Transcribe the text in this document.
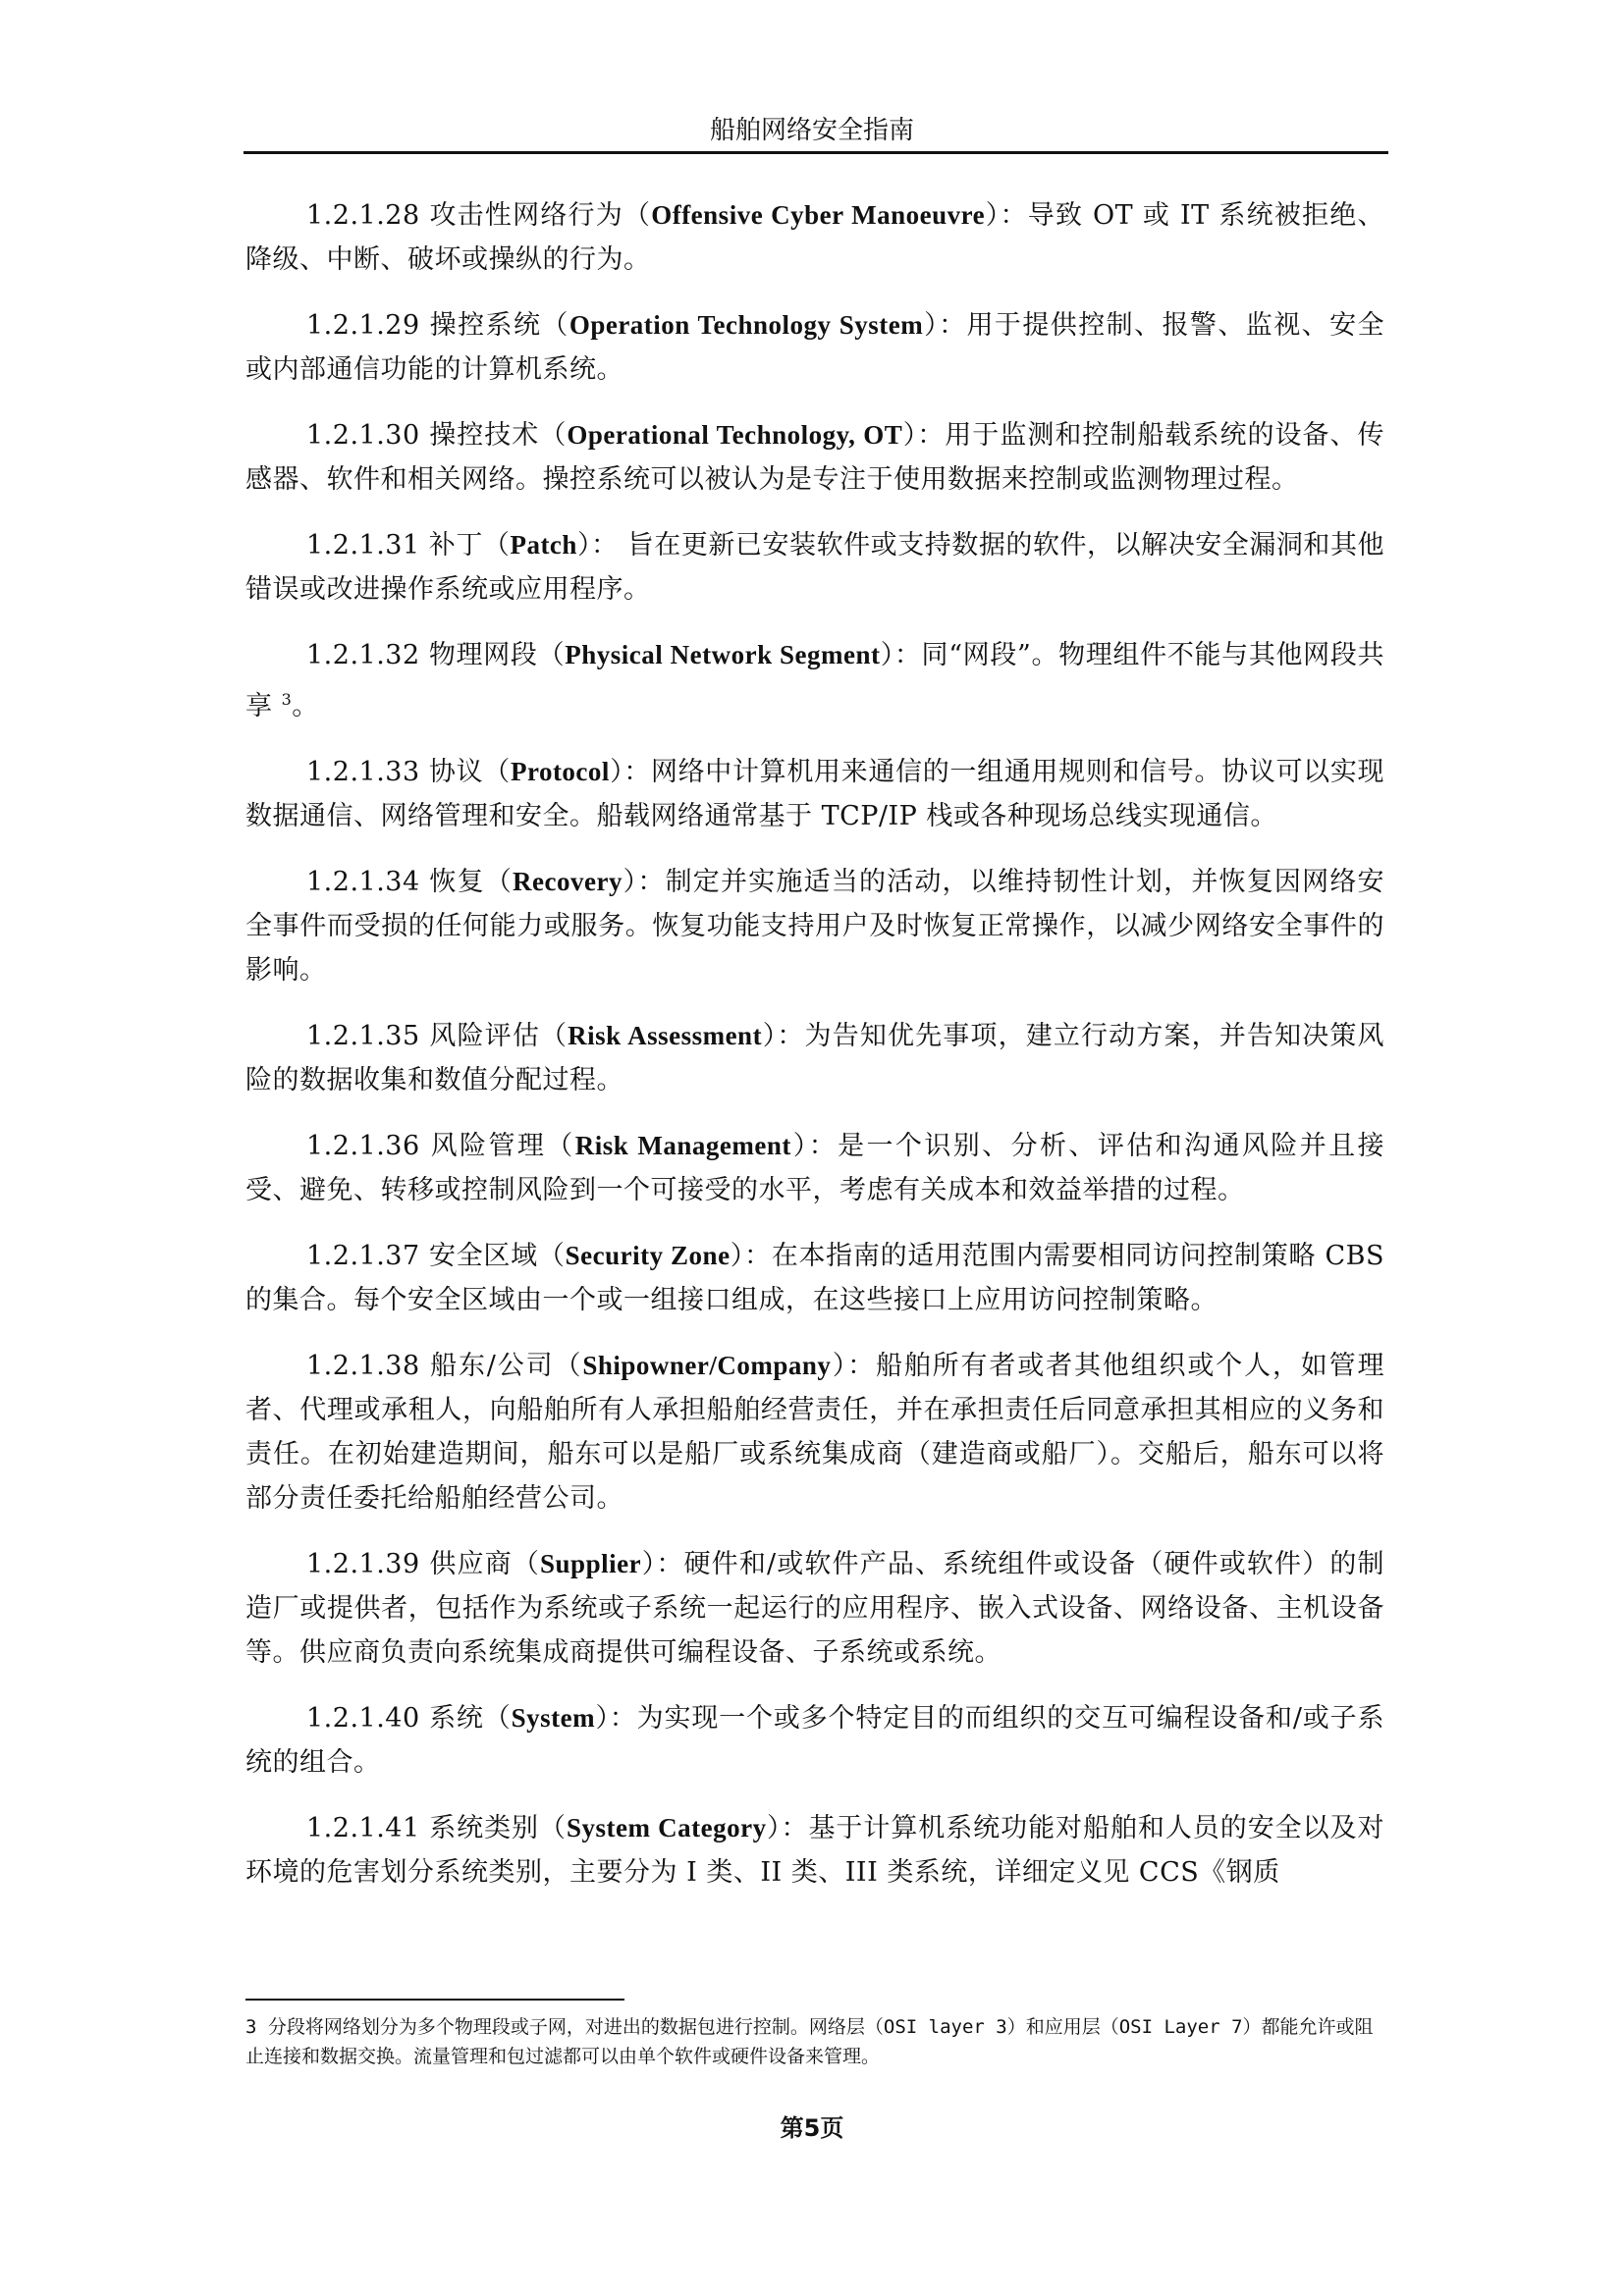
船舶网络安全指南

1.2.1.28 攻击性网络行为（Offensive Cyber Manoeuvre）：导致 OT 或 IT 系统被拒绝、降级、中断、破坏或操纵的行为。

1.2.1.29 操控系统（Operation Technology System）：用于提供控制、报警、监视、安全或内部通信功能的计算机系统。

1.2.1.30 操控技术（Operational Technology, OT）：用于监测和控制船载系统的设备、传感器、软件和相关网络。操控系统可以被认为是专注于使用数据来控制或监测物理过程。

1.2.1.31 补丁（Patch）： 旨在更新已安装软件或支持数据的软件，以解决安全漏洞和其他错误或改进操作系统或应用程序。

1.2.1.32 物理网段（Physical Network Segment）：同“网段”。物理组件不能与其他网段共享 $^3$。

1.2.1.33 协议（Protocol）：网络中计算机用来通信的一组通用规则和信号。协议可以实现数据通信、网络管理和安全。船载网络通常基于 TCP/IP 栈或各种现场总线实现通信。

1.2.1.34 恢复（Recovery）：制定并实施适当的活动，以维持韧性计划，并恢复因网络安全事件而受损的任何能力或服务。恢复功能支持用户及时恢复正常操作，以减少网络安全事件的影响。

1.2.1.35 风险评估（Risk Assessment）：为告知优先事项，建立行动方案，并告知决策风险的数据收集和数值分配过程。

1.2.1.36 风险管理（Risk Management）：是一个识别、分析、评估和沟通风险并且接受、避免、转移或控制风险到一个可接受的水平，考虑有关成本和效益举措的过程。

1.2.1.37 安全区域（Security Zone）：在本指南的适用范围内需要相同访问控制策略 CBS 的集合。每个安全区域由一个或一组接口组成，在这些接口上应用访问控制策略。

1.2.1.38 船东/公司（Shipowner/Company）：船舶所有者或者其他组织或个人，如管理者、代理或承租人，向船舶所有人承担船舶经营责任，并在承担责任后同意承担其相应的义务和责任。在初始建造期间，船东可以是船厂或系统集成商（建造商或船厂）。交船后，船东可以将部分责任委托给船舶经营公司。

1.2.1.39 供应商（Supplier）：硬件和/或软件产品、系统组件或设备（硬件或软件）的制造厂或提供者，包括作为系统或子系统一起运行的应用程序、嵌入式设备、网络设备、主机设备等。供应商负责向系统集成商提供可编程设备、子系统或系统。

1.2.1.40 系统（System）：为实现一个或多个特定目的而组织的交互可编程设备和/或子系统的组合。

1.2.1.41 系统类别（System Category）：基于计算机系统功能对船舶和人员的安全以及对环境的危害划分系统类别，主要分为 I 类、II 类、III 类系统，详细定义见 CCS《钢质

3 分段将网络划分为多个物理段或子网，对进出的数据包进行控制。网络层（OSI layer 3）和应用层（OSI Layer 7）都能允许或阻止连接和数据交换。流量管理和包过滤都可以由单个软件或硬件设备来管理。
第5页
